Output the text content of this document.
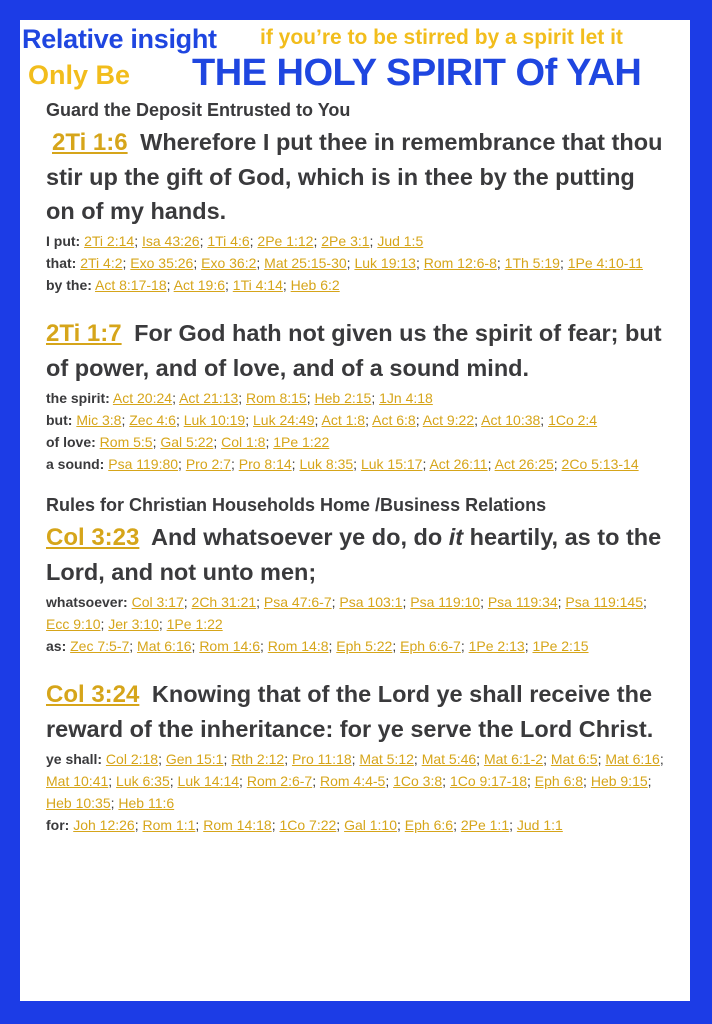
Relative insight if you’re to be stirred by a spirit let it
Only Be THE HOLY SPIRIT Of YAH
Guard the Deposit Entrusted to You
2Ti 1:6 Wherefore I put thee in remembrance that thou stir up the gift of God, which is in thee by the putting on of my hands.
I put: 2Ti 2:14; Isa 43:26; 1Ti 4:6; 2Pe 1:12; 2Pe 3:1; Jud 1:5
that: 2Ti 4:2; Exo 35:26; Exo 36:2; Mat 25:15-30; Luk 19:13; Rom 12:6-8; 1Th 5:19; 1Pe 4:10-11
by the: Act 8:17-18; Act 19:6; 1Ti 4:14; Heb 6:2
2Ti 1:7 For God hath not given us the spirit of fear; but of power, and of love, and of a sound mind.
the spirit: Act 20:24; Act 21:13; Rom 8:15; Heb 2:15; 1Jn 4:18
but: Mic 3:8; Zec 4:6; Luk 10:19; Luk 24:49; Act 1:8; Act 6:8; Act 9:22; Act 10:38; 1Co 2:4
of love: Rom 5:5; Gal 5:22; Col 1:8; 1Pe 1:22
a sound: Psa 119:80; Pro 2:7; Pro 8:14; Luk 8:35; Luk 15:17; Act 26:11; Act 26:25; 2Co 5:13-14
Rules for Christian Households Home /Business Relations
Col 3:23 And whatsoever ye do, do it heartily, as to the Lord, and not unto men;
whatsoever: Col 3:17; 2Ch 31:21; Psa 47:6-7; Psa 103:1; Psa 119:10; Psa 119:34; Psa 119:145; Ecc 9:10; Jer 3:10; 1Pe 1:22
as: Zec 7:5-7; Mat 6:16; Rom 14:6; Rom 14:8; Eph 5:22; Eph 6:6-7; 1Pe 2:13; 1Pe 2:15
Col 3:24 Knowing that of the Lord ye shall receive the reward of the inheritance: for ye serve the Lord Christ.
ye shall: Col 2:18; Gen 15:1; Rth 2:12; Pro 11:18; Mat 5:12; Mat 5:46; Mat 6:1-2; Mat 6:5; Mat 6:16; Mat 10:41; Luk 6:35; Luk 14:14; Rom 2:6-7; Rom 4:4-5; 1Co 3:8; 1Co 9:17-18; Eph 6:8; Heb 9:15; Heb 10:35; Heb 11:6
for: Joh 12:26; Rom 1:1; Rom 14:18; 1Co 7:22; Gal 1:10; Eph 6:6; 2Pe 1:1; Jud 1:1
